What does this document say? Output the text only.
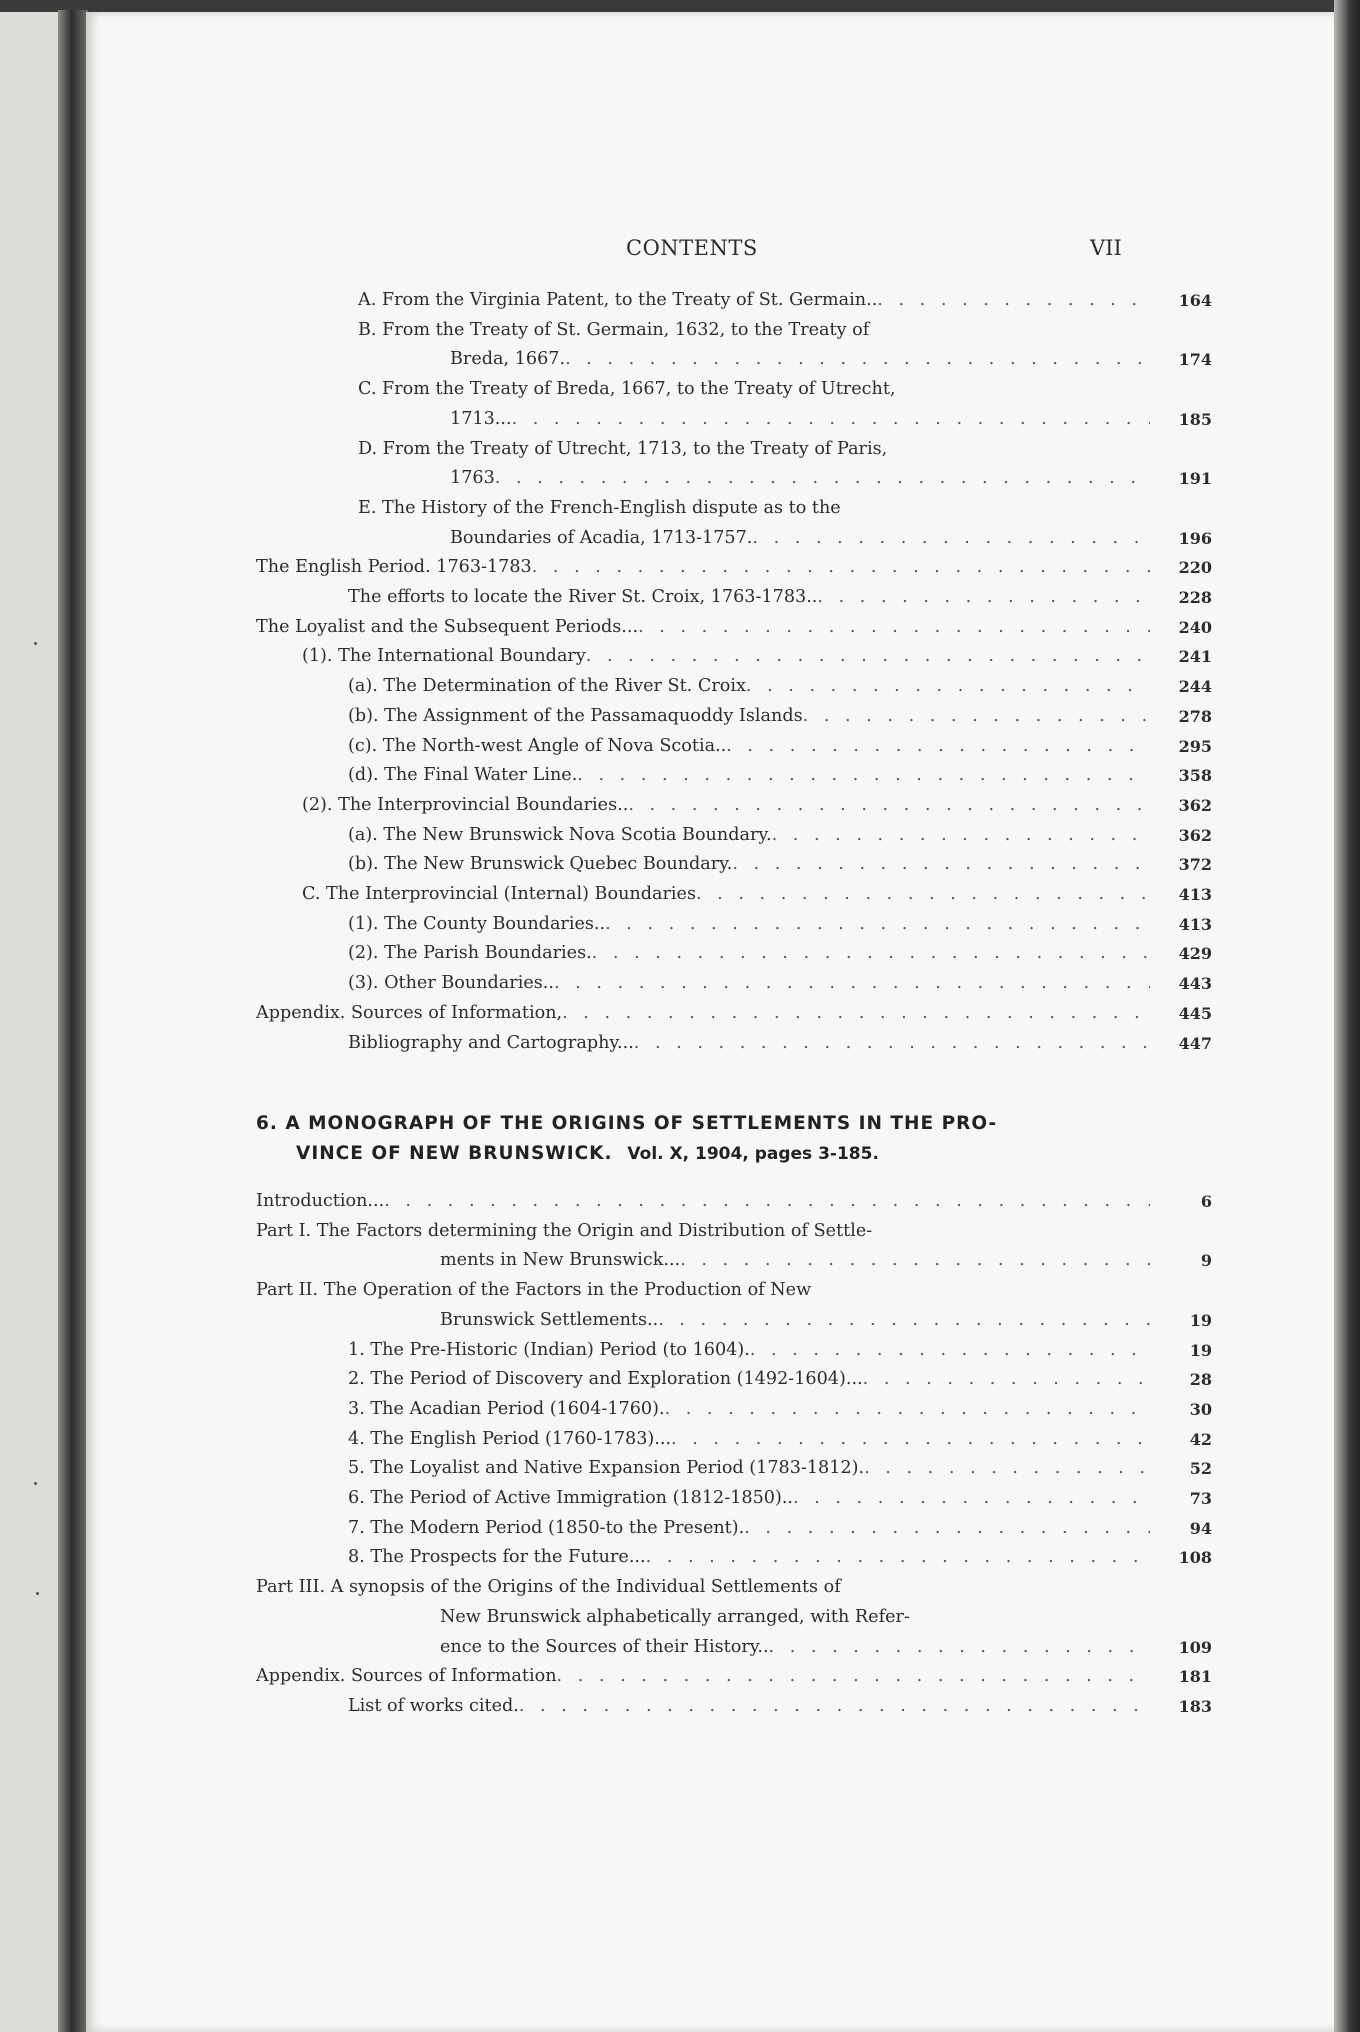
CONTENTS	VII
A. From the Virginia Patent, to the Treaty of St. Germain.. . . .	164
B. From the Treaty of St. Germain, 1632, to the Treaty of
Breda, 1667. . . .	174
C. From the Treaty of Breda, 1667, to the Treaty of Utrecht,
1713... . . .	185
D. From the Treaty of Utrecht, 1713, to the Treaty of Paris,
1763 . . .	191
E. The History of the French-English dispute as to the
Boundaries of Acadia, 1713-1757. . . .	196
The English Period. 1763-1783 . . .	220
The efforts to locate the River St. Croix, 1763-1783.. . . .	228
The Loyalist and the Subsequent Periods... . . .	240
(1). The International Boundary . . .	241
(a). The Determination of the River St. Croix . . .	244
(b). The Assignment of the Passamaquoddy Islands . . .	278
(c). The North-west Angle of Nova Scotia.. . . .	295
(d). The Final Water Line. . . .	358
(2). The Interprovincial Boundaries.. . . .	362
(a). The New Brunswick Nova Scotia Boundary. . . .	362
(b). The New Brunswick Quebec Boundary. . . .	372
C. The Interprovincial (Internal) Boundaries . . .	413
(1). The County Boundaries.. . . .	413
(2). The Parish Boundaries. . . .	429
(3). Other Boundaries.. . . .	443
Appendix. Sources of Information, . . .	445
Bibliography and Cartography... . . .	447
6. A MONOGRAPH OF THE ORIGINS OF SETTLEMENTS IN THE PRO-
VINCE OF NEW BRUNSWICK. Vol. X, 1904, pages 3-185.
Introduction... . . .	6
Part I. The Factors determining the Origin and Distribution of Settle-
ments in New Brunswick... . . .	9
Part II. The Operation of the Factors in the Production of New
Brunswick Settlements.. . . .	19
1. The Pre-Historic (Indian) Period (to 1604). . . .	19
2. The Period of Discovery and Exploration (1492-1604)... . . .	28
3. The Acadian Period (1604-1760). . . .	30
4. The English Period (1760-1783)... . . .	42
5. The Loyalist and Native Expansion Period (1783-1812). . . .	52
6. The Period of Active Immigration (1812-1850).. . . .	73
7. The Modern Period (1850-to the Present). . . .	94
8. The Prospects for the Future... . . .	108
Part III. A synopsis of the Origins of the Individual Settlements of
New Brunswick alphabetically arranged, with Refer-
ence to the Sources of their History.. . . .	109
Appendix. Sources of Information . . .	181
List of works cited. . . .	183
